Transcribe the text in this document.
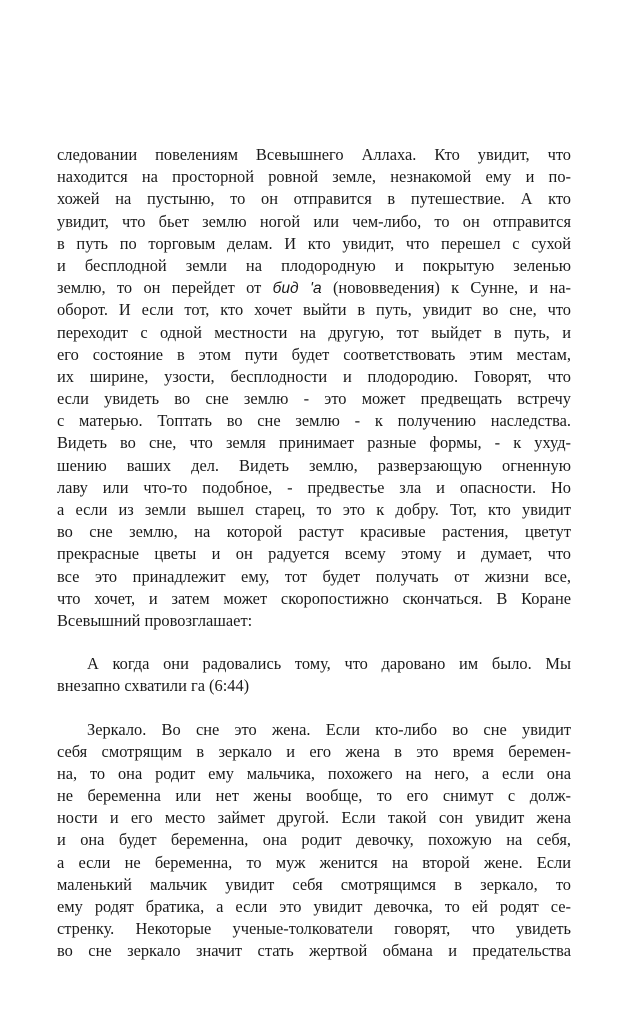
следовании повелениям Всевышнего Аллаха. Кто увидит, что
находится на просторной ровной земле, незнакомой ему и по-
хожей на пустыню, то он отправится в путешествие. А кто
увидит, что бьет землю ногой или чем-либо, то он отправится
в путь по торговым делам. И кто увидит, что перешел с сухой
и бесплодной земли на плодородную и покрытую зеленью
землю, то он перейдет от бид 'а (нововведения) к Сунне, и на-
оборот. И если тот, кто хочет выйти в путь, увидит во сне, что
переходит с одной местности на другую, тот выйдет в путь, и
его состояние в этом пути будет соответствовать этим местам,
их ширине, узости, бесплодности и плодородию. Говорят, что
если увидеть во сне землю - это может предвещать встречу
с матерью. Топтать во сне землю - к получению наследства.
Видеть во сне, что земля принимает разные формы, - к ухуд-
шению ваших дел. Видеть землю, разверзающую огненную
лаву или что-то подобное, - предвестье зла и опасности. Но
а если из земли вышел старец, то это к добру. Тот, кто увидит
во сне землю, на которой растут красивые растения, цветут
прекрасные цветы и он радуется всему этому и думает, что
все это принадлежит ему, тот будет получать от жизни все,
что хочет, и затем может скоропостижно скончаться. В Коране
Всевышний провозглашает:
А когда они радовались тому, что даровано им было. Мы
внезапно схватили га (6:44)
Зеркало. Во сне это жена. Если кто-либо во сне увидит
себя смотрящим в зеркало и его жена в это время беремен-
на, то она родит ему мальчика, похожего на него, а если она
не беременна или нет жены вообще, то его снимут с долж-
ности и его место займет другой. Если такой сон увидит жена
и она будет беременна, она родит девочку, похожую на себя,
а если не беременна, то муж женится на второй жене. Если
маленький мальчик увидит себя смотрящимся в зеркало, то
ему родят братика, а если это увидит девочка, то ей родят се-
стренку. Некоторые ученые-толкователи говорят, что увидеть
во сне зеркало значит стать жертвой обмана и предательства
